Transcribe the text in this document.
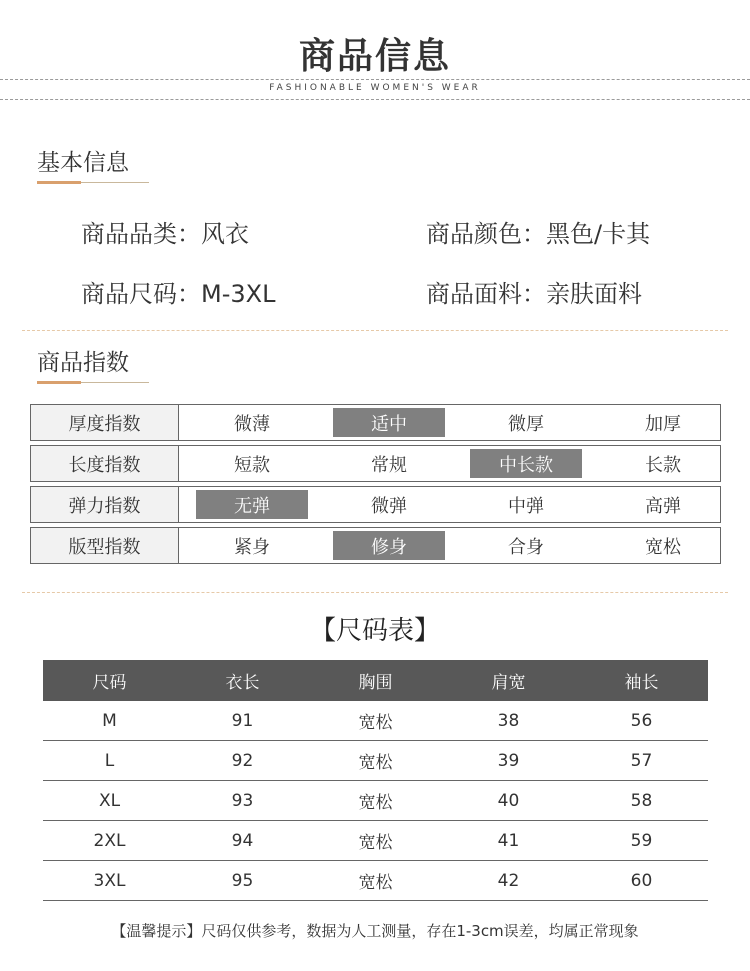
商品信息
FASHIONABLE WOMEN'S WEAR
基本信息
商品品类 ： 风衣	商品颜色 ： 黑色/卡其
商品尺码 ： M-3XL	商品面料 ： 亲肤面料
商品指数
厚度指数	微薄	适中	微厚	加厚
长度指数	短款	常规	中长款	长款
弹力指数	无弹	微弹	中弹	高弹
版型指数	紧身	修身	合身	宽松
【尺码表】
尺码	衣长	胸围	肩宽	袖长
M	91	宽松	38	56
L	92	宽松	39	57
XL	93	宽松	40	58
2XL	94	宽松	41	59
3XL	95	宽松	42	60
【温馨提示】尺码仅供参考，数据为人工测量，存在1-3cm误差，均属正常现象
